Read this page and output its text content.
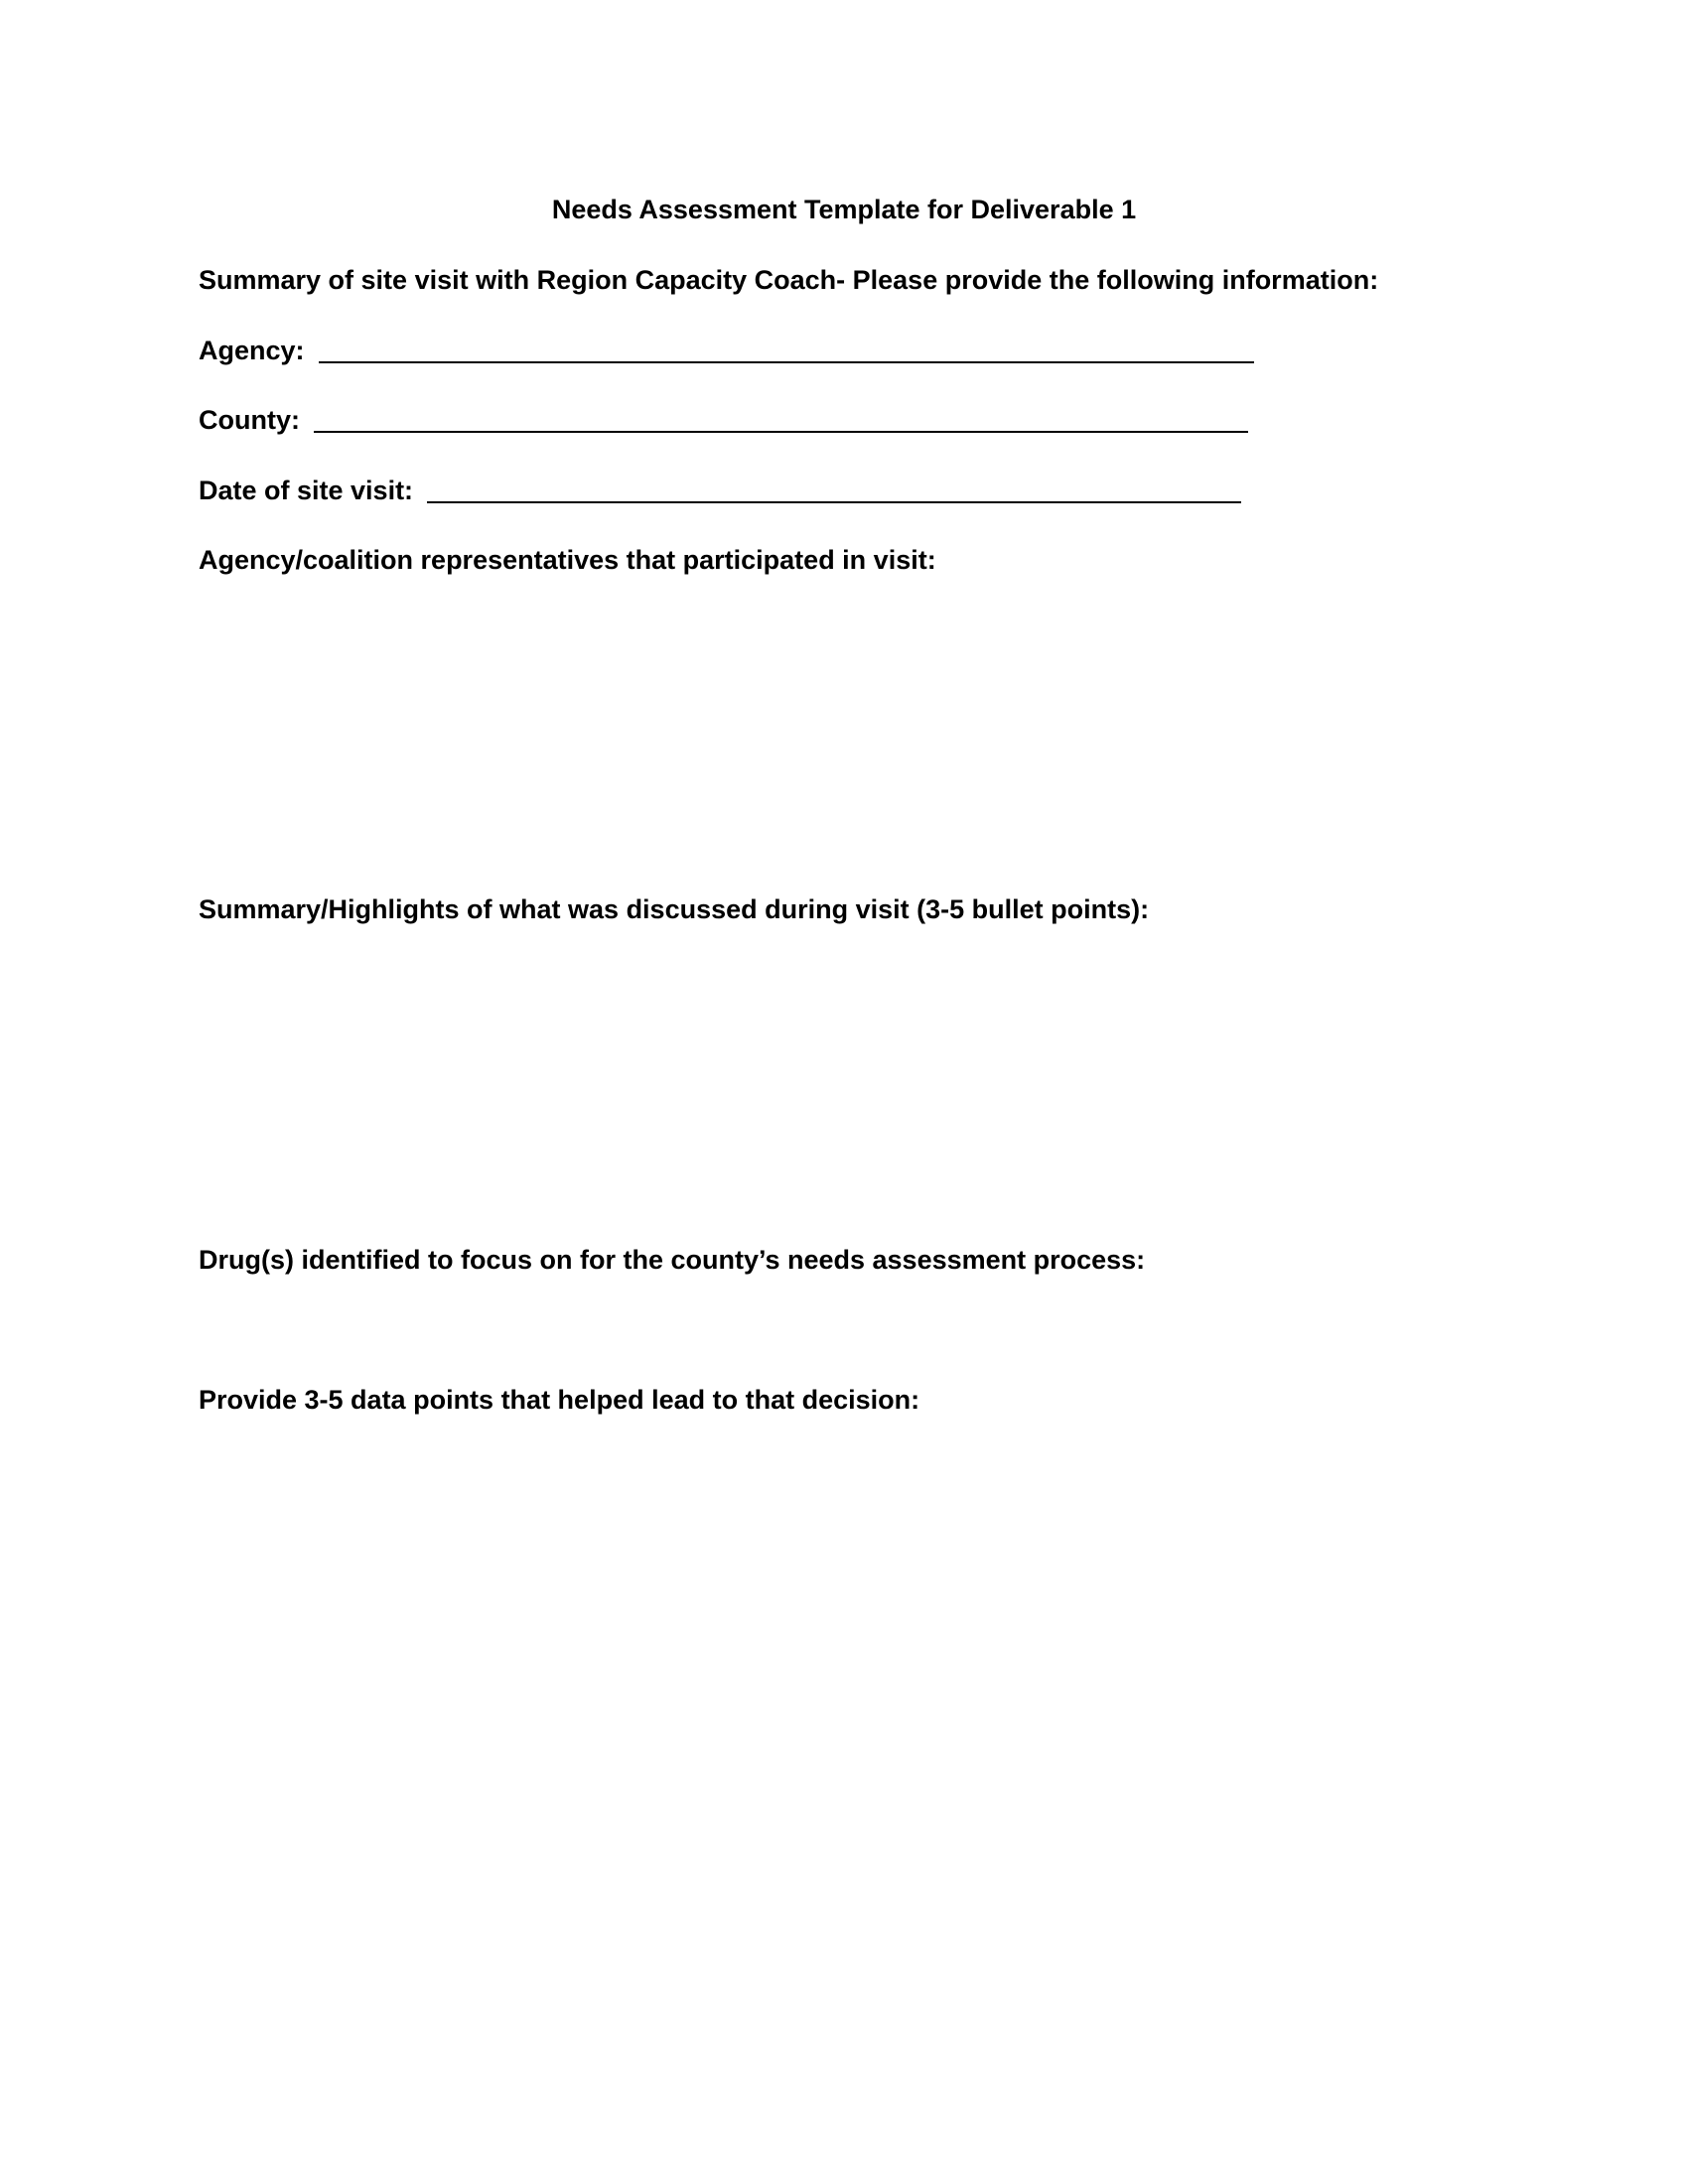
Needs Assessment Template for Deliverable 1
Summary of site visit with Region Capacity Coach- Please provide the following information:
Agency:
County:
Date of site visit:
Agency/coalition representatives that participated in visit:
Summary/Highlights of what was discussed during visit (3-5 bullet points):
Drug(s) identified to focus on for the county’s needs assessment process:
Provide 3-5 data points that helped lead to that decision:
